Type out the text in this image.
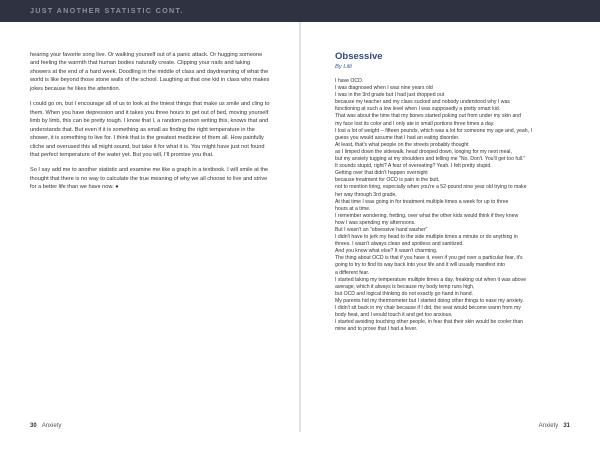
JUST ANOTHER STATISTIC CONT.

hearing your favorite song live. Or walking yourself out of a panic attack. Or hugging someone and feeling the warmth that human bodies naturally create. Clipping your nails and taking showers at the end of a hard week. Doodling in the middle of class and daydreaming of what the world is like beyond those stone walls of the school. Laughing at that one kid in class who makes jokes because he likes the attention.

I could go on, but I encourage all of us to look at the tiniest things that make us smile and cling to them. When you have depression and it takes you three hours to get out of bed, moving yourself limb by limb, this can be pretty tough. I know that I, a random person writing this, knows that and understands that. But even if it is something as small as finding the right temperature in the shower, it is something to live for. I think that is the greatest medicine of them all. How painfully cliche and overused this all might sound, but take it for what it is. You might have just not found that perfect temperature of the water yet. But you will, I'll promise you that.

So I say add me to another statistic and examine me like a graph in a textbook. I will smile at the thought that there is no way to calculate the true meaning of why we all choose to live and strive for a better life than we have now. ●

Obsessive
By Lilli
I have OCD.
I was diagnosed when I was nine years old
I was in the 3rd grade but I had just dropped out
because my teacher and my class sucked and nobody understood why I was
functioning at such a low level when I was supposedly a pretty smart kid.
That was about the time that my bones started poking out from under my skin and
my face lost its color and I only ate in small portions three times a day.
I lost a lot of weight -- fifteen pounds, which was a lot for someone my age and, yeah, I
guess you would assume that I had an eating disorder.
At least, that's what people on the streets probably thought
as I limped down the sidewalk, head drooped down, longing for my next meal,
but my anxiety tugging at my shoulders and telling me "No. Don't. You'll get too full."
It sounds stupid, right? A fear of overeating? Yeah. I felt pretty stupid.
Getting over that didn't happen overnight
because treatment for OCD is pain in the butt,
not to mention tiring, especially when you're a 52-pound nine year old trying to make
her way through 3rd grade,
At that time I was going in for treatment multiple times a week for up to three
hours at a time.
I remember wondering, fretting, over what the other kids would think if they knew
how I was spending my afternoons.
But I wasn't an "obsessive hand washer"
I didn't have to jerk my head to the side multiple times a minute or do anything in
threes. I wasn't always clean and spotless and sanitized.
And you know what else? It wasn't charming.
The thing about OCD is that if you have it, even if you get over a particular fear, it's
going to try to find its way back into your life and it will usually manifest into
a different fear.
I started taking my temperature multiple times a day, freaking out when it was above
average, which it always is because my body temp runs high,
but OCD and logical thinking do not exactly go hand in hand.
My parents hid my thermometer but I started doing other things to ease my anxiety.
I didn't sit back in my chair because if I did, the seat would become warm from my
body heat, and I would touch it and get too anxious.
I started avoiding touching other people, in fear that their skin would be cooler than
mine and to prove that I had a fever.
30 Anxiety	Anxiety 31
